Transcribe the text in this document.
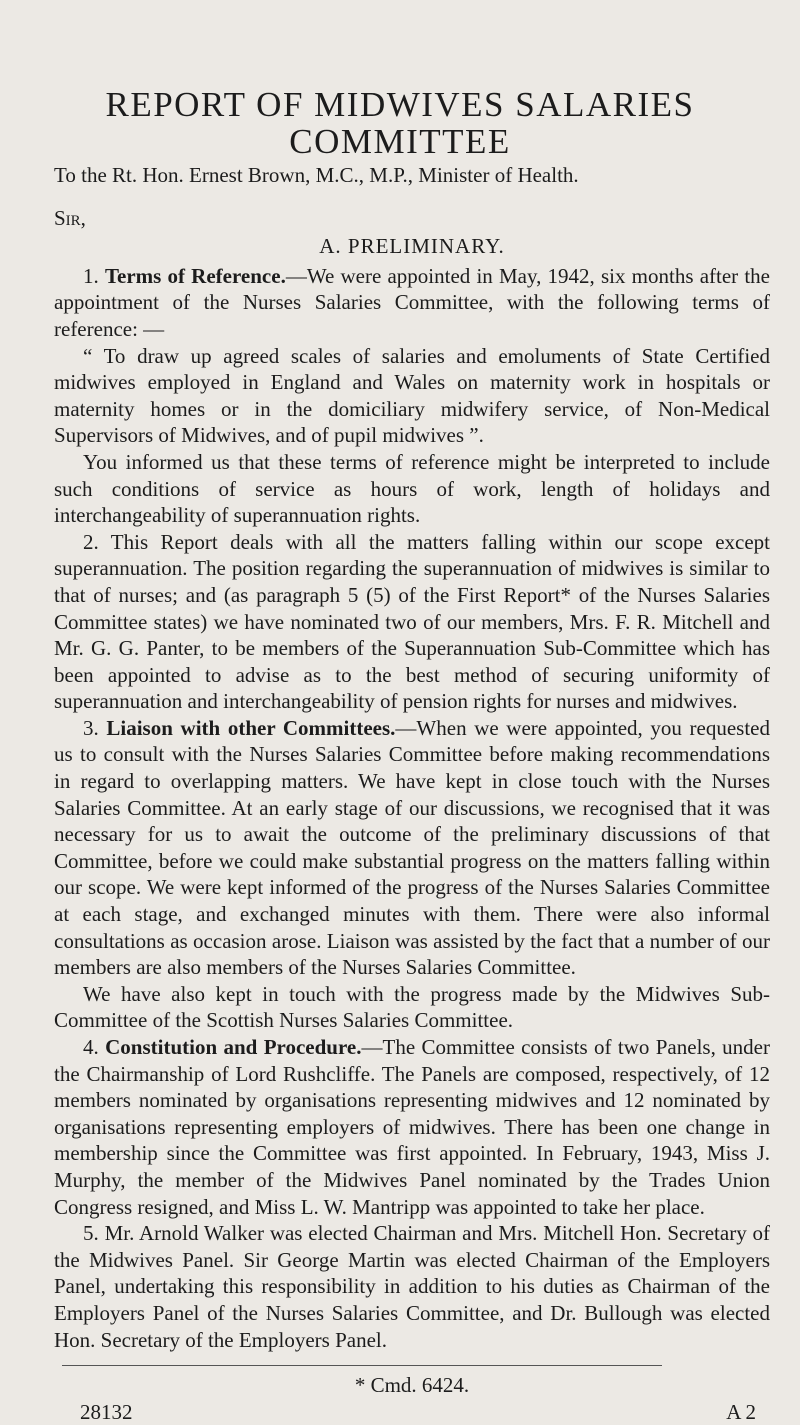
REPORT OF MIDWIVES SALARIES
COMMITTEE

To the Rt. Hon. Ernest Brown, M.C., M.P., Minister of Health.

Sir,

A. PRELIMINARY.

1. Terms of Reference.—We were appointed in May, 1942, six months after the appointment of the Nurses Salaries Committee, with the following terms of reference: —

“ To draw up agreed scales of salaries and emoluments of State Certified midwives employed in England and Wales on maternity work in hospitals or maternity homes or in the domiciliary midwifery service, of Non-Medical Supervisors of Midwives, and of pupil midwives ”.

You informed us that these terms of reference might be interpreted to include such conditions of service as hours of work, length of holidays and interchangeability of superannuation rights.

2. This Report deals with all the matters falling within our scope except superannuation. The position regarding the superannuation of midwives is similar to that of nurses; and (as paragraph 5 (5) of the First Report* of the Nurses Salaries Committee states) we have nominated two of our members, Mrs. F. R. Mitchell and Mr. G. G. Panter, to be members of the Superannuation Sub-Committee which has been appointed to advise as to the best method of securing uniformity of superannuation and interchangeability of pension rights for nurses and midwives.

3. Liaison with other Committees.—When we were appointed, you requested us to consult with the Nurses Salaries Committee before making recommendations in regard to overlapping matters. We have kept in close touch with the Nurses Salaries Committee. At an early stage of our discussions, we recognised that it was necessary for us to await the outcome of the preliminary discussions of that Committee, before we could make substantial progress on the matters falling within our scope. We were kept informed of the progress of the Nurses Salaries Committee at each stage, and exchanged minutes with them. There were also informal consultations as occasion arose. Liaison was assisted by the fact that a number of our members are also members of the Nurses Salaries Committee.

We have also kept in touch with the progress made by the Midwives Sub-Committee of the Scottish Nurses Salaries Committee.

4. Constitution and Procedure.—The Committee consists of two Panels, under the Chairmanship of Lord Rushcliffe. The Panels are composed, respectively, of 12 members nominated by organisations representing midwives and 12 nominated by organisations representing employers of midwives. There has been one change in membership since the Committee was first appointed. In February, 1943, Miss J. Murphy, the member of the Midwives Panel nominated by the Trades Union Congress resigned, and Miss L. W. Mantripp was appointed to take her place.

5. Mr. Arnold Walker was elected Chairman and Mrs. Mitchell Hon. Secretary of the Midwives Panel. Sir George Martin was elected Chairman of the Employers Panel, undertaking this responsibility in addition to his duties as Chairman of the Employers Panel of the Nurses Salaries Committee, and Dr. Bullough was elected Hon. Secretary of the Employers Panel.

* Cmd. 6424.

28132	A 2
